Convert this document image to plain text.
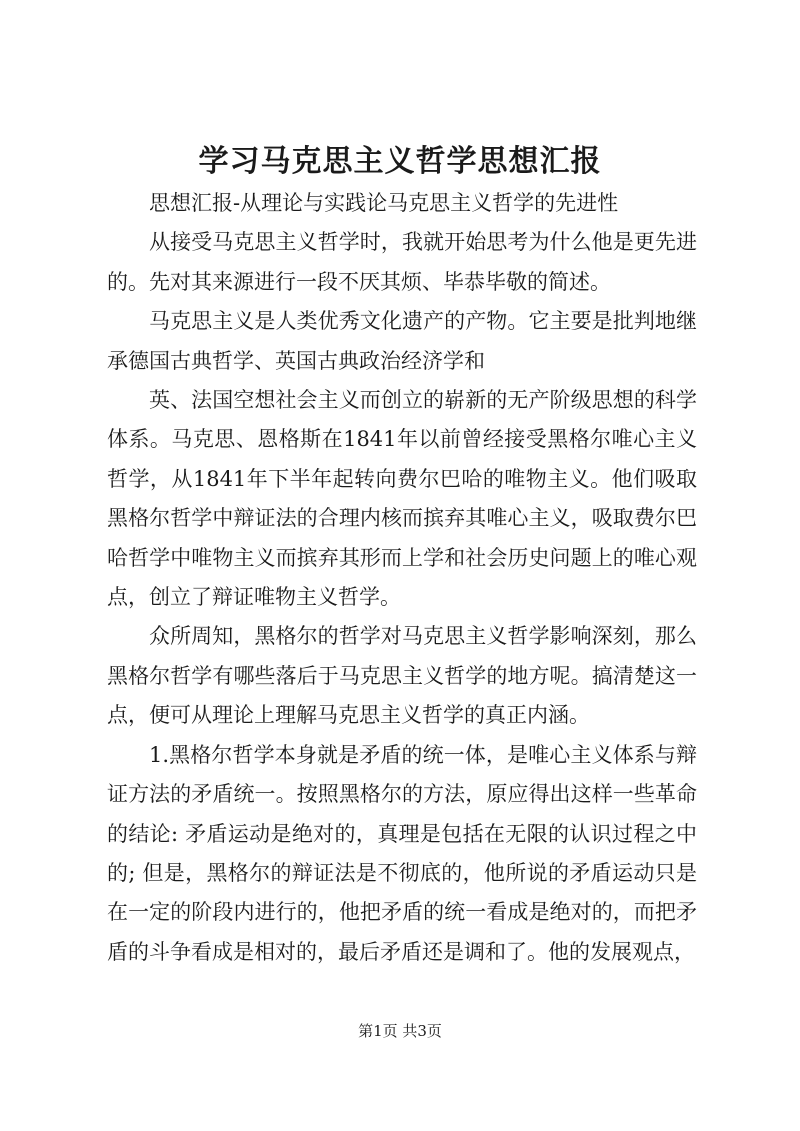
学习马克思主义哲学思想汇报

思想汇报-从理论与实践论马克思主义哲学的先进性

从接受马克思主义哲学时，我就开始思考为什么他是更先进的。先对其来源进行一段不厌其烦、毕恭毕敬的简述。

马克思主义是人类优秀文化遗产的产物。它主要是批判地继承德国古典哲学、英国古典政治经济学和

英、法国空想社会主义而创立的崭新的无产阶级思想的科学体系。马克思、恩格斯在1841年以前曾经接受黑格尔唯心主义哲学，从1841年下半年起转向费尔巴哈的唯物主义。他们吸取黑格尔哲学中辩证法的合理内核而摈弃其唯心主义，吸取费尔巴哈哲学中唯物主义而摈弃其形而上学和社会历史问题上的唯心观点，创立了辩证唯物主义哲学。

众所周知，黑格尔的哲学对马克思主义哲学影响深刻，那么黑格尔哲学有哪些落后于马克思主义哲学的地方呢。搞清楚这一点，便可从理论上理解马克思主义哲学的真正内涵。

1.黑格尔哲学本身就是矛盾的统一体，是唯心主义体系与辩证方法的矛盾统一。按照黑格尔的方法，原应得出这样一些革命的结论: 矛盾运动是绝对的，真理是包括在无限的认识过程之中的; 但是，黑格尔的辩证法是不彻底的，他所说的矛盾运动只是在一定的阶段内进行的，他把矛盾的统一看成是绝对的，而把矛盾的斗争看成是相对的，最后矛盾还是调和了。他的发展观点，

第1页 共3页
